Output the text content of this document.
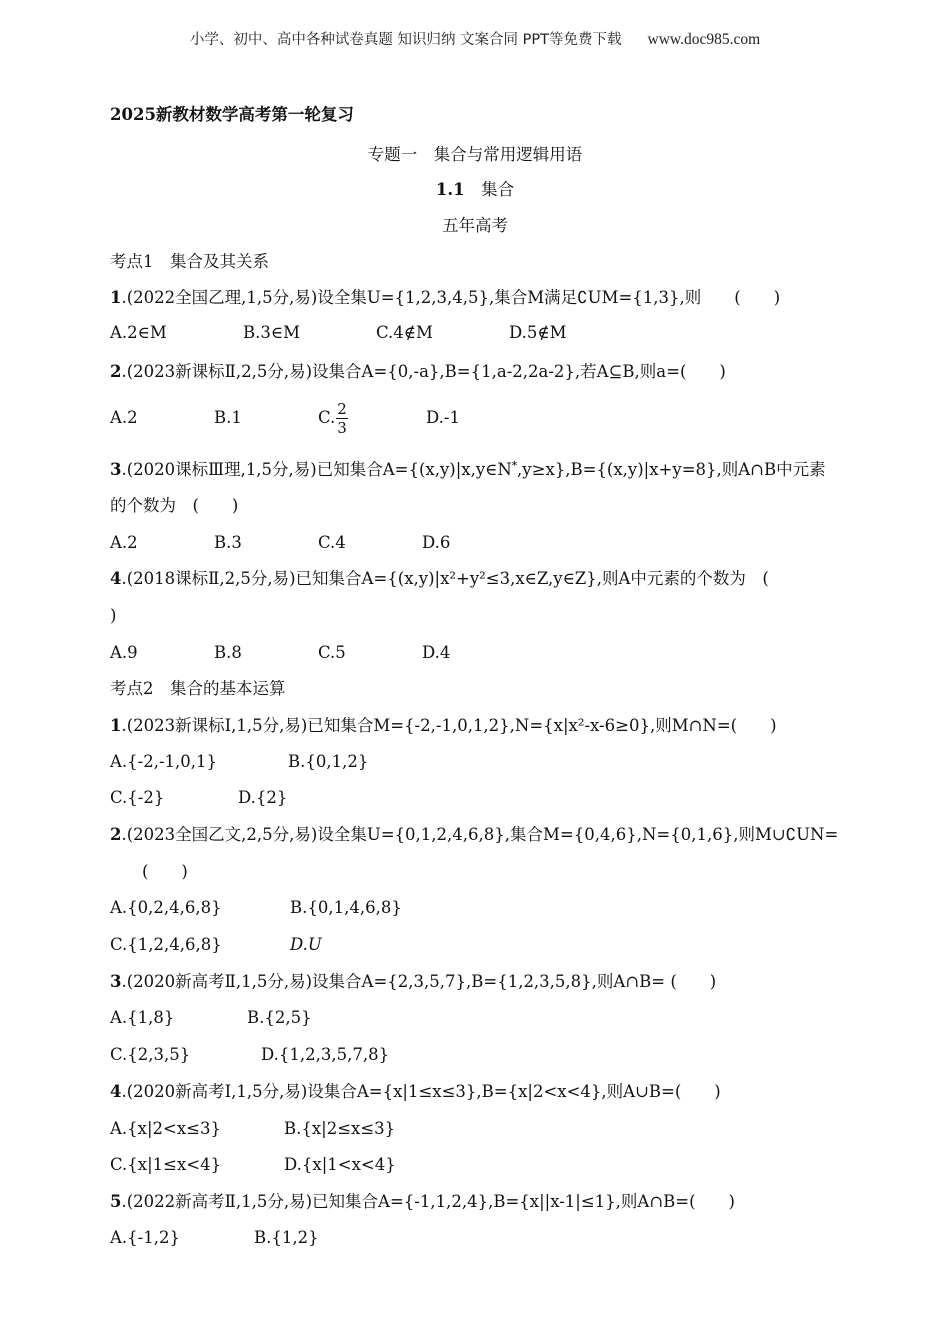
小学、初中、高中各种试卷真题 知识归纳 文案合同 PPT等免费下载 www.doc985.com
2025新教材数学高考第一轮复习
专题一　集合与常用逻辑用语
1.1　 集合
五年高考
考点1　集合及其关系
1.(2022全国乙理,1,5分,易)设全集U={1,2,3,4,5},集合M满足∁UM={1,3},则　　(　　)
A.2∈M	B.3∈M	C.4∉M	D.5∉M
2.(2023新课标Ⅱ,2,5分,易)设集合A={0,-a},B={1,a-2,2a-2},若A⊆B,则a=(　　)
A.2	B.1	C. $\frac{2}{3}$	D.-1
3.(2020课标Ⅲ理,1,5分,易)已知集合A={(x,y)|x,y∈N*,y≥x},B={(x,y)|x+y=8},则A∩B中元素
的个数为　(　　)
A.2	B.3	C.4	D.6
4.(2018课标Ⅱ,2,5分,易)已知集合A={(x,y)|x²+y²≤3,x∈Z,y∈Z},则A中元素的个数为　(
)
A.9	B.8	C.5	D.4
考点2　集合的基本运算
1.(2023新课标Ⅰ,1,5分,易)已知集合M={-2,-1,0,1,2},N={x|x²-x-6≥0},则M∩N=(　　)
A.{-2,-1,0,1}	B.{0,1,2}
C.{-2}	D.{2}
2.(2023全国乙文,2,5分,易)设全集U={0,1,2,4,6,8},集合M={0,4,6},N={0,1,6},则M∪∁UN=
(　　)
A.{0,2,4,6,8}	B.{0,1,4,6,8}
C.{1,2,4,6,8}	D.U
3.(2020新高考Ⅱ,1,5分,易)设集合A={2,3,5,7},B={1,2,3,5,8},则A∩B= (　　)
A.{1,8}	B.{2,5}
C.{2,3,5}	D.{1,2,3,5,7,8}
4.(2020新高考Ⅰ,1,5分,易)设集合A={x|1≤x≤3},B={x|2<x<4},则A∪B=(　　)
A.{x|2<x≤3}	B.{x|2≤x≤3}
C.{x|1≤x<4}	D.{x|1<x<4}
5.(2022新高考Ⅱ,1,5分,易)已知集合A={-1,1,2,4},B={x||x-1|≤1},则A∩B=(　　)
A.{-1,2}	B.{1,2}
